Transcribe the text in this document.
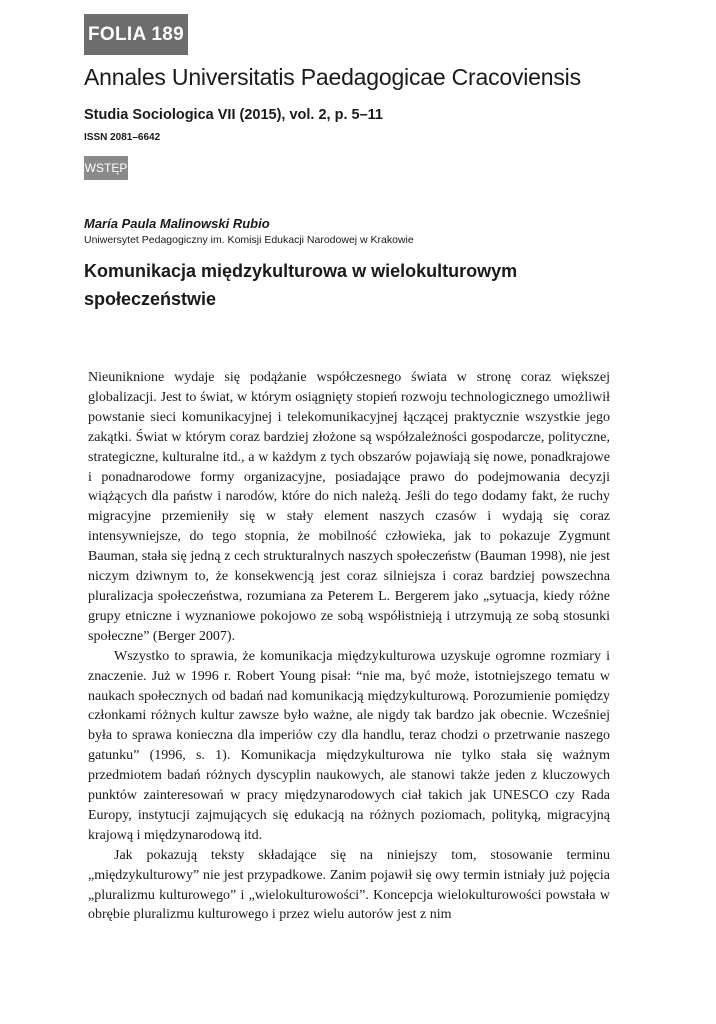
FOLIA 189
Annales Universitatis Paedagogicae Cracoviensis
Studia Sociologica VII (2015), vol. 2, p. 5–11
ISSN 2081–6642
WSTĘP
María Paula Malinowski Rubio
Uniwersytet Pedagogiczny im. Komisji Edukacji Narodowej w Krakowie
Komunikacja międzykulturowa w wielokulturowym społeczeństwie

Nieuniknione wydaje się podążanie współczesnego świata w stronę coraz większej globalizacji. Jest to świat, w którym osiągnięty stopień rozwoju technologicznego umożliwił powstanie sieci komunikacyjnej i telekomunikacyjnej łączącej praktycznie wszystkie jego zakątki. Świat w którym coraz bardziej złożone są współzależności gospodarcze, polityczne, strategiczne, kulturalne itd., a w każdym z tych obszarów pojawiają się nowe, ponadkrajowe i ponadnarodowe formy organizacyjne, posiadające prawo do podejmowania decyzji wiążących dla państw i narodów, które do nich należą. Jeśli do tego dodamy fakt, że ruchy migracyjne przemieniły się w stały element naszych czasów i wydają się coraz intensywniejsze, do tego stopnia, że mobilność człowieka, jak to pokazuje Zygmunt Bauman, stała się jedną z cech strukturalnych naszych społeczeństw (Bauman 1998), nie jest niczym dziwnym to, że konsekwencją jest coraz silniejsza i coraz bardziej powszechna pluralizacja społeczeństwa, rozumiana za Peterem L. Bergerem jako „sytuacja, kiedy różne grupy etniczne i wyznaniowe pokojowo ze sobą współistnieją i utrzymują ze sobą stosunki społeczne” (Berger 2007).

Wszystko to sprawia, że komunikacja międzykulturowa uzyskuje ogromne rozmiary i znaczenie. Już w 1996 r. Robert Young pisał: “nie ma, być może, istotniejszego tematu w naukach społecznych od badań nad komunikacją międzykulturową. Porozumienie pomiędzy członkami różnych kultur zawsze było ważne, ale nigdy tak bardzo jak obecnie. Wcześniej była to sprawa konieczna dla imperiów czy dla handlu, teraz chodzi o przetrwanie naszego gatunku” (1996, s. 1). Komunikacja międzykulturowa nie tylko stała się ważnym przedmiotem badań różnych dyscyplin naukowych, ale stanowi także jeden z kluczowych punktów zainteresowań w pracy międzynarodowych ciał takich jak UNESCO czy Rada Europy, instytucji zajmujących się edukacją na różnych poziomach, polityką, migracyjną krajową i międzynarodową itd.

Jak pokazują teksty składające się na niniejszy tom, stosowanie terminu „międzykulturowy” nie jest przypadkowe. Zanim pojawił się owy termin istniały już pojęcia „pluralizmu kulturowego” i „wielokulturowości”. Koncepcja wielokulturowości powstała w obrębie pluralizmu kulturowego i przez wielu autorów jest z nim
